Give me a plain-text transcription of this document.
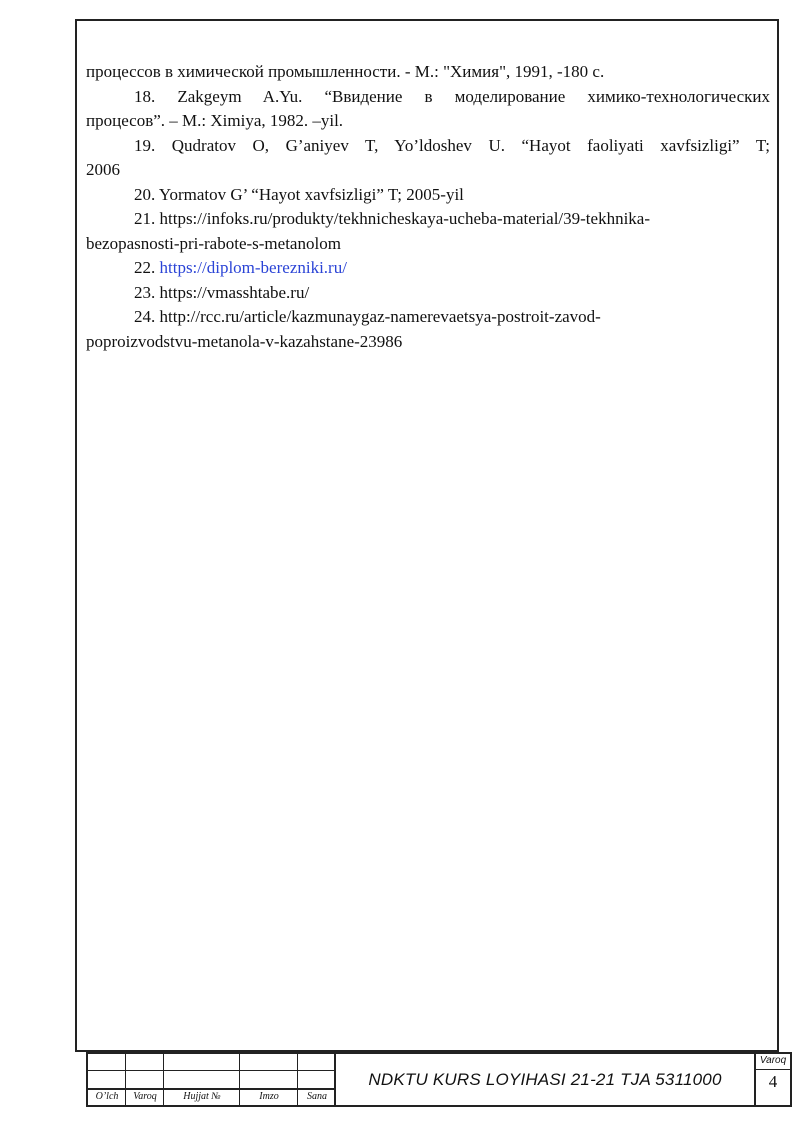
процессов в химической промышленности. - М.: "Химия", 1991, -180 с.
18. Zakgeym A.Yu. “Ввидение в моделирование химико-технологических
процесов”. – M.: Ximiya, 1982. –yil.
19. Qudratov O, G’aniyev T, Yo’ldoshev U. “Hayot faoliyati xavfsizligi” T;
2006
20. Yormatov G’ “Hayot xavfsizligi” T; 2005-yil
21. https://infoks.ru/produkty/tekhnicheskaya-ucheba-material/39-tekhnika-
bezopasnosti-pri-rabote-s-metanolom
22. https://diplom-berezniki.ru/
23. https://vmasshtabe.ru/
24. http://rcc.ru/article/kazmunaygaz-namerevaetsya-postroit-zavod-
poproizvodstvu-metanola-v-kazahstane-23986
O’lch	Varoq	Hujjat №	Imzo	Sana
NDKTU KURS LOYIHASI 21-21 TJA 5311000
Varoq
4
